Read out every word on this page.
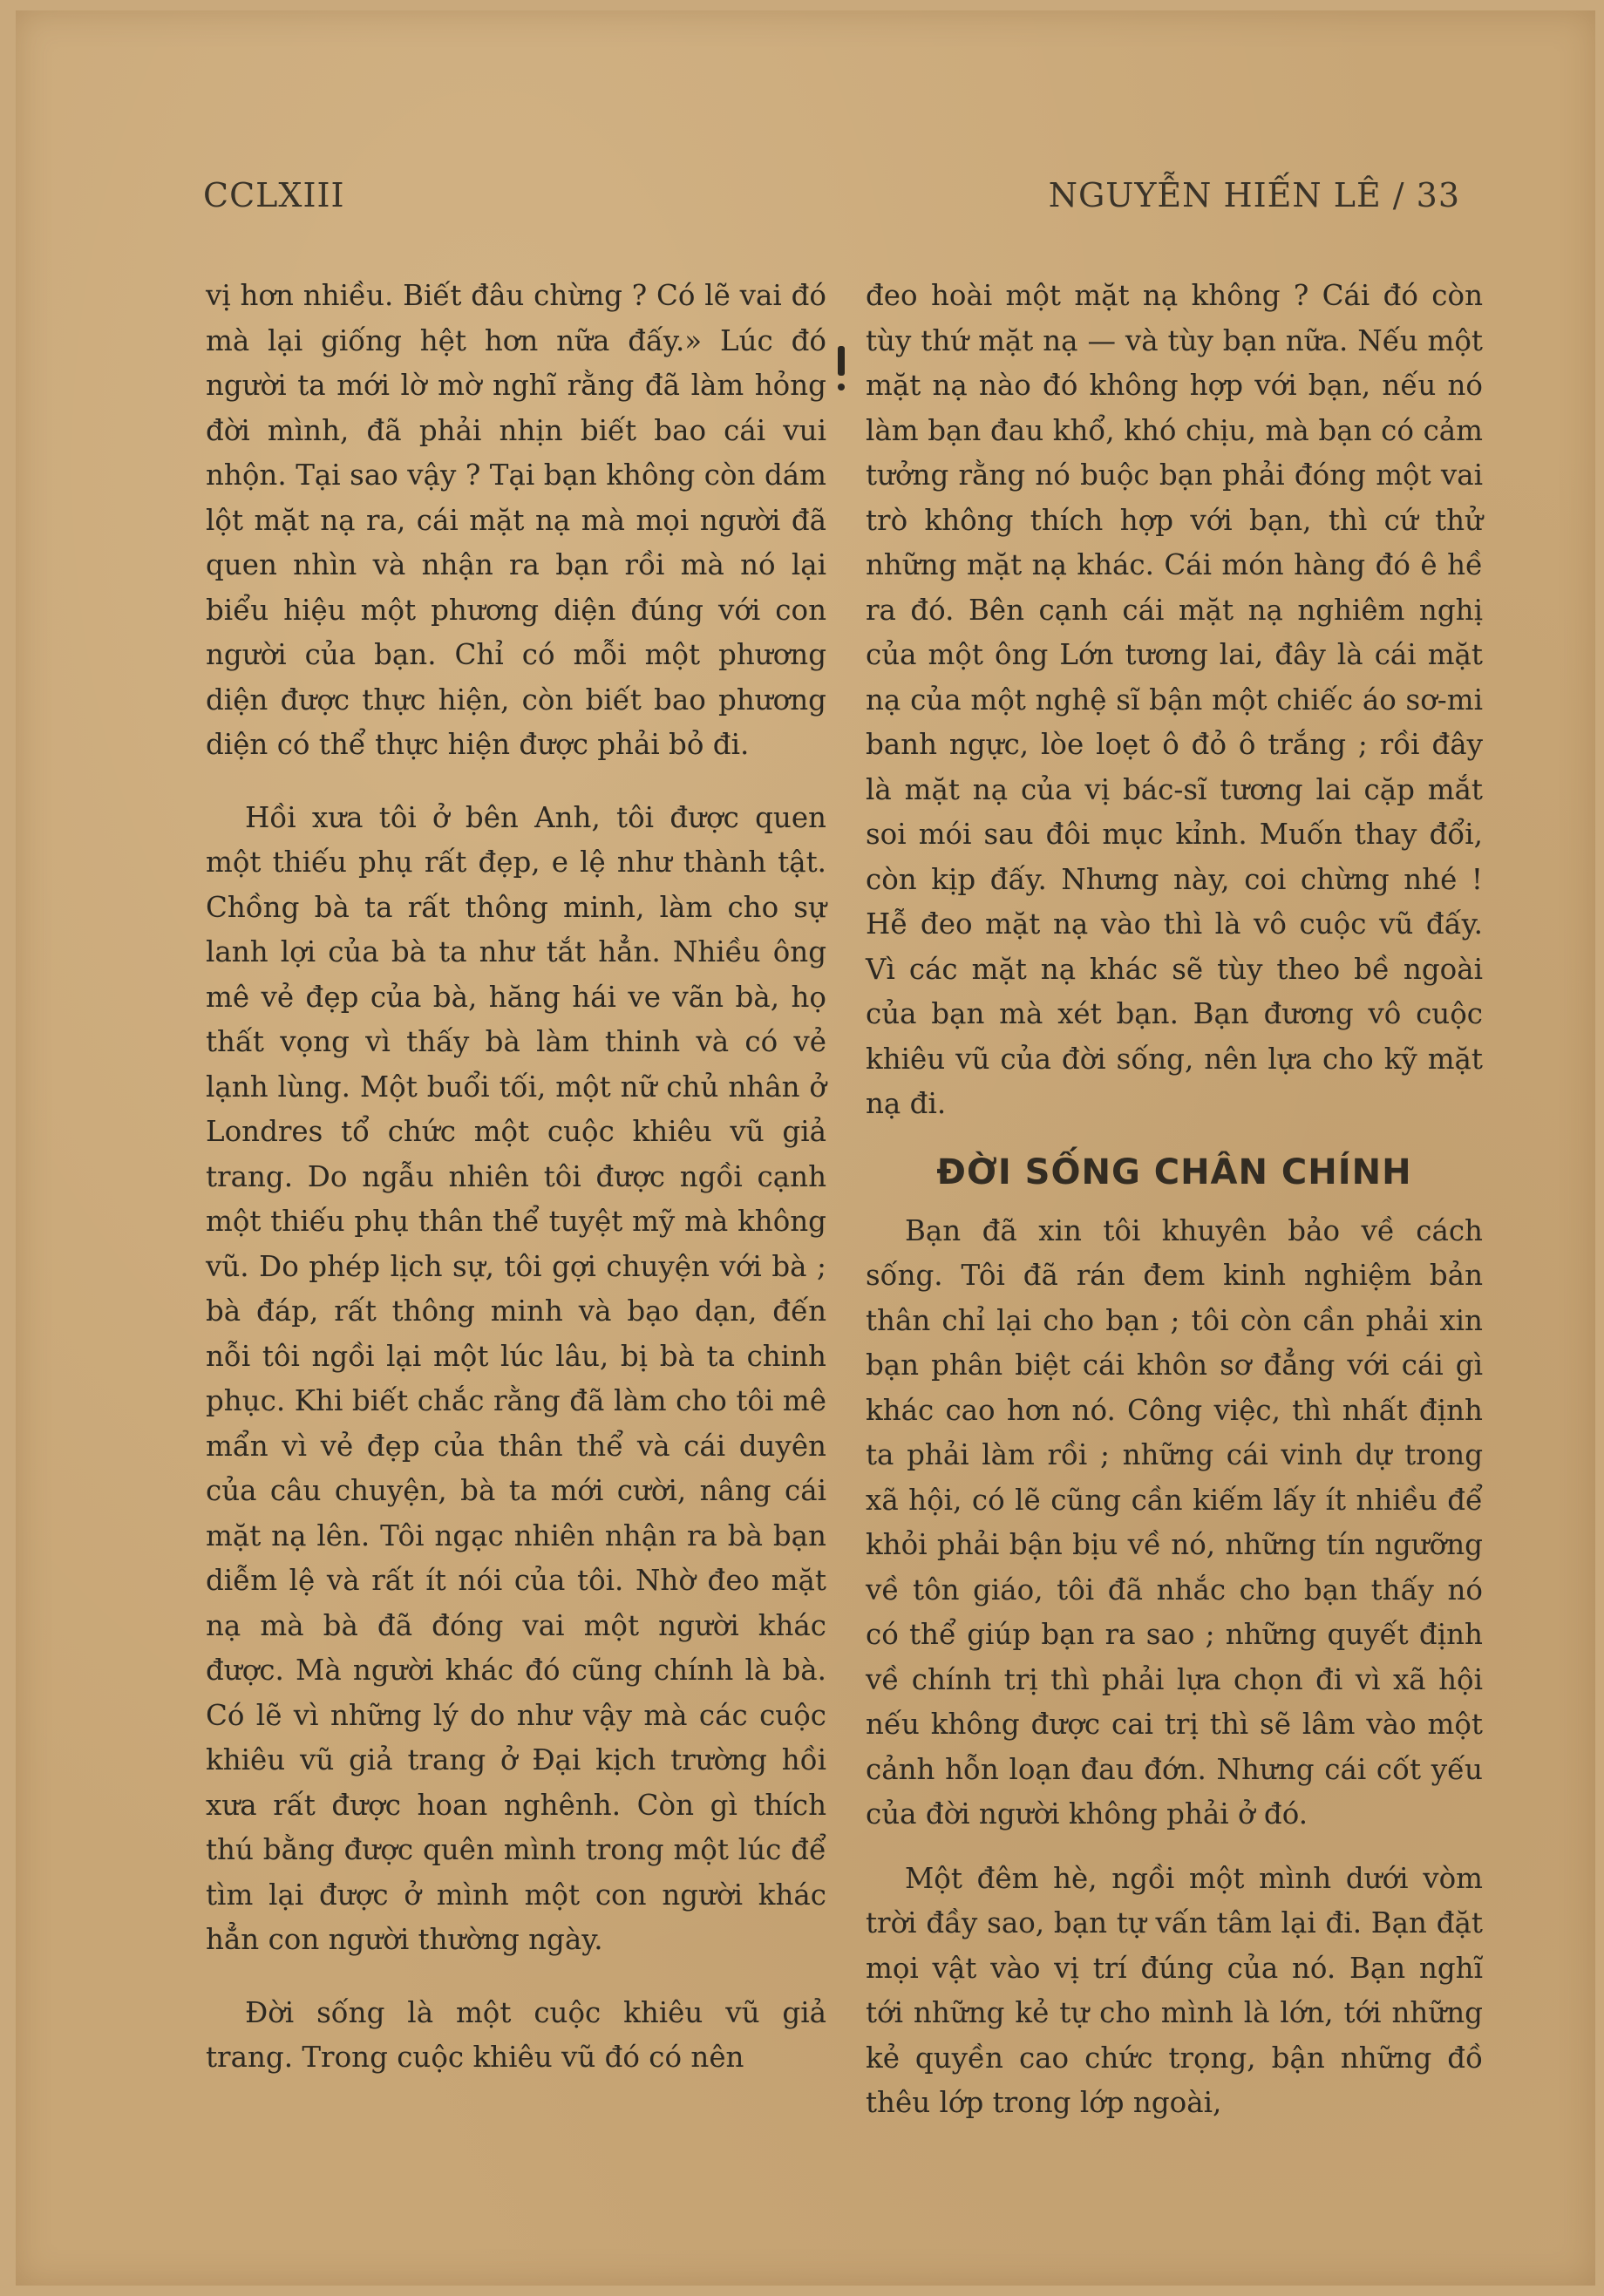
CCLXIII	NGUYỄN HIẾN LÊ / 33

vị hơn nhiều. Biết đâu chừng ? Có lẽ vai đó mà lại giống hệt hơn nữa đấy.» Lúc đó người ta mới lờ mờ nghĩ rằng đã làm hỏng đời mình, đã phải nhịn biết bao cái vui nhộn. Tại sao vậy ? Tại bạn không còn dám lột mặt nạ ra, cái mặt nạ mà mọi người đã quen nhìn và nhận ra bạn rồi mà nó lại biểu hiệu một phương diện đúng với con người của bạn. Chỉ có mỗi một phương diện được thực hiện, còn biết bao phương diện có thể thực hiện được phải bỏ đi.

Hồi xưa tôi ở bên Anh, tôi được quen một thiếu phụ rất đẹp, e lệ như thành tật. Chồng bà ta rất thông minh, làm cho sự lanh lợi của bà ta như tắt hẳn. Nhiều ông mê vẻ đẹp của bà, hăng hái ve vãn bà, họ thất vọng vì thấy bà làm thinh và có vẻ lạnh lùng. Một buổi tối, một nữ chủ nhân ở Londres tổ chức một cuộc khiêu vũ giả trang. Do ngẫu nhiên tôi được ngồi cạnh một thiếu phụ thân thể tuyệt mỹ mà không vũ. Do phép lịch sự, tôi gợi chuyện với bà ; bà đáp, rất thông minh và bạo dạn, đến nỗi tôi ngồi lại một lúc lâu, bị bà ta chinh phục. Khi biết chắc rằng đã làm cho tôi mê mẩn vì vẻ đẹp của thân thể và cái duyên của câu chuyện, bà ta mới cười, nâng cái mặt nạ lên. Tôi ngạc nhiên nhận ra bà bạn diễm lệ và rất ít nói của tôi. Nhờ đeo mặt nạ mà bà đã đóng vai một người khác được. Mà người khác đó cũng chính là bà. Có lẽ vì những lý do như vậy mà các cuộc khiêu vũ giả trang ở Đại kịch trường hồi xưa rất được hoan nghênh. Còn gì thích thú bằng được quên mình trong một lúc để tìm lại được ở mình một con người khác hẳn con người thường ngày.

Đời sống là một cuộc khiêu vũ giả trang. Trong cuộc khiêu vũ đó có nên

đeo hoài một mặt nạ không ? Cái đó còn tùy thứ mặt nạ — và tùy bạn nữa. Nếu một mặt nạ nào đó không hợp với bạn, nếu nó làm bạn đau khổ, khó chịu, mà bạn có cảm tưởng rằng nó buộc bạn phải đóng một vai trò không thích hợp với bạn, thì cứ thử những mặt nạ khác. Cái món hàng đó ê hề ra đó. Bên cạnh cái mặt nạ nghiêm nghị của một ông Lớn tương lai, đây là cái mặt nạ của một nghệ sĩ bận một chiếc áo sơ-mi banh ngực, lòe loẹt ô đỏ ô trắng ; rồi đây là mặt nạ của vị bác-sĩ tương lai cặp mắt soi mói sau đôi mục kỉnh. Muốn thay đổi, còn kịp đấy. Nhưng này, coi chừng nhé ! Hễ đeo mặt nạ vào thì là vô cuộc vũ đấy. Vì các mặt nạ khác sẽ tùy theo bề ngoài của bạn mà xét bạn. Bạn đương vô cuộc khiêu vũ của đời sống, nên lựa cho kỹ mặt nạ đi.

ĐỜI SỐNG CHÂN CHÍNH

Bạn đã xin tôi khuyên bảo về cách sống. Tôi đã rán đem kinh nghiệm bản thân chỉ lại cho bạn ; tôi còn cần phải xin bạn phân biệt cái khôn sơ đẳng với cái gì khác cao hơn nó. Công việc, thì nhất định ta phải làm rồi ; những cái vinh dự trong xã hội, có lẽ cũng cần kiếm lấy ít nhiều để khỏi phải bận bịu về nó, những tín ngưỡng về tôn giáo, tôi đã nhắc cho bạn thấy nó có thể giúp bạn ra sao ; những quyết định về chính trị thì phải lựa chọn đi vì xã hội nếu không được cai trị thì sẽ lâm vào một cảnh hỗn loạn đau đớn. Nhưng cái cốt yếu của đời người không phải ở đó.

Một đêm hè, ngồi một mình dưới vòm trời đầy sao, bạn tự vấn tâm lại đi. Bạn đặt mọi vật vào vị trí đúng của nó. Bạn nghĩ tới những kẻ tự cho mình là lớn, tới những kẻ quyền cao chức trọng, bận những đồ thêu lớp trong lớp ngoài,
